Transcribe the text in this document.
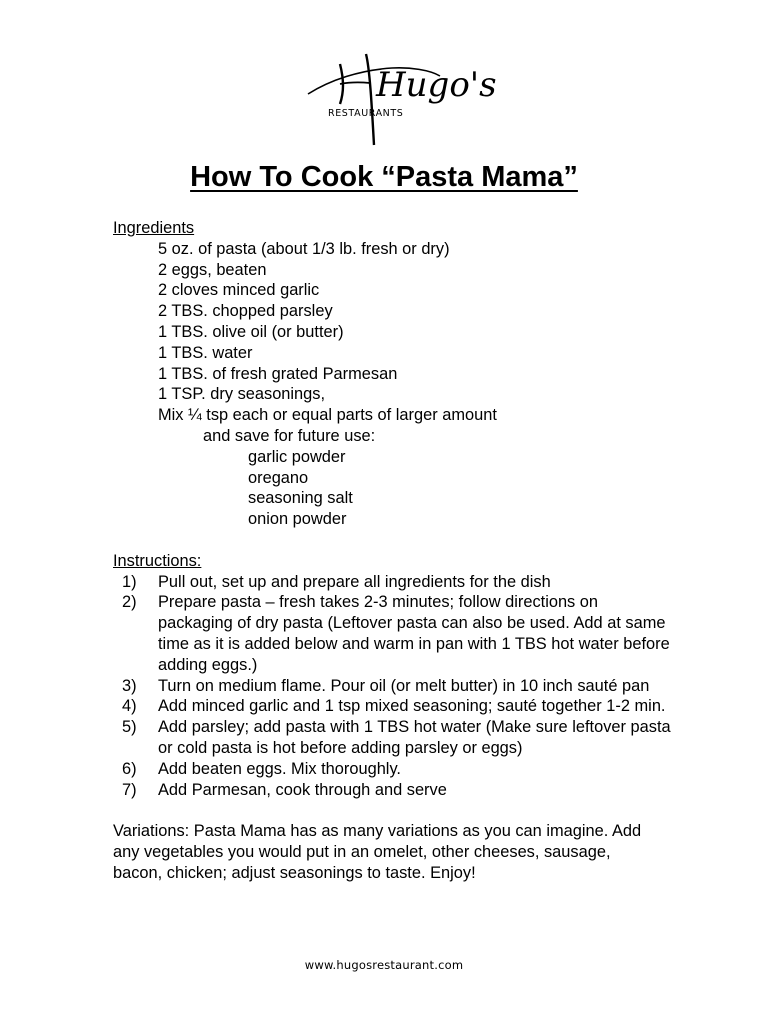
Hugo's
RESTAURANTS
How To Cook “Pasta Mama”
Ingredients
5 oz. of pasta (about 1/3 lb. fresh or dry)
2 eggs, beaten
2 cloves minced garlic
2 TBS. chopped parsley
1 TBS. olive oil (or butter)
1 TBS. water
1 TBS. of fresh grated Parmesan
1 TSP. dry seasonings,
Mix ¼ tsp each or equal parts of larger amount
and save for future use:
garlic powder
oregano
seasoning salt
onion powder
Instructions:
1) Pull out, set up and prepare all ingredients for the dish
2) Prepare pasta – fresh takes 2-3 minutes; follow directions on packaging of dry pasta (Leftover pasta can also be used. Add at same time as it is added below and warm in pan with 1 TBS hot water before adding eggs.)
3) Turn on medium flame. Pour oil (or melt butter) in 10 inch sauté pan
4) Add minced garlic and 1 tsp mixed seasoning; sauté together 1-2 min.
5) Add parsley; add pasta with 1 TBS hot water (Make sure leftover pasta or cold pasta is hot before adding parsley or eggs)
6) Add beaten eggs. Mix thoroughly.
7) Add Parmesan, cook through and serve
Variations: Pasta Mama has as many variations as you can imagine. Add any vegetables you would put in an omelet, other cheeses, sausage, bacon, chicken; adjust seasonings to taste. Enjoy!
www.hugosrestaurant.com
